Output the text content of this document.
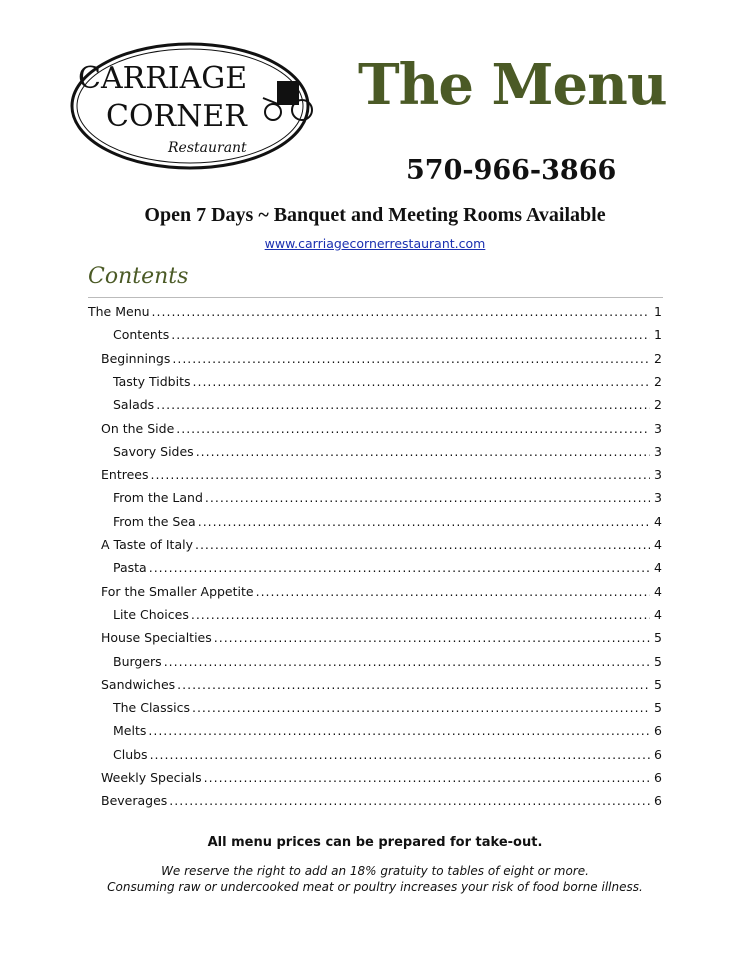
CARRIAGE
CORNER
Restaurant
The Menu
570-966-3866
Open 7 Days ~ Banquet and Meeting Rooms Available
www.carriagecornerrestaurant.com
Contents
The Menu .....	1
Contents .....	1
Beginnings .....	2
Tasty Tidbits .....	2
Salads .....	2
On the Side .....	3
Savory Sides .....	3
Entrees .....	3
From the Land .....	3
From the Sea .....	4
A Taste of Italy .....	4
Pasta .....	4
For the Smaller Appetite .....	4
Lite Choices .....	4
House Specialties .....	5
Burgers .....	5
Sandwiches .....	5
The Classics .....	5
Melts .....	6
Clubs .....	6
Weekly Specials .....	6
Beverages .....	6
All menu prices can be prepared for take-out.
We reserve the right to add an 18% gratuity to tables of eight or more.
Consuming raw or undercooked meat or poultry increases your risk of food borne illness.
